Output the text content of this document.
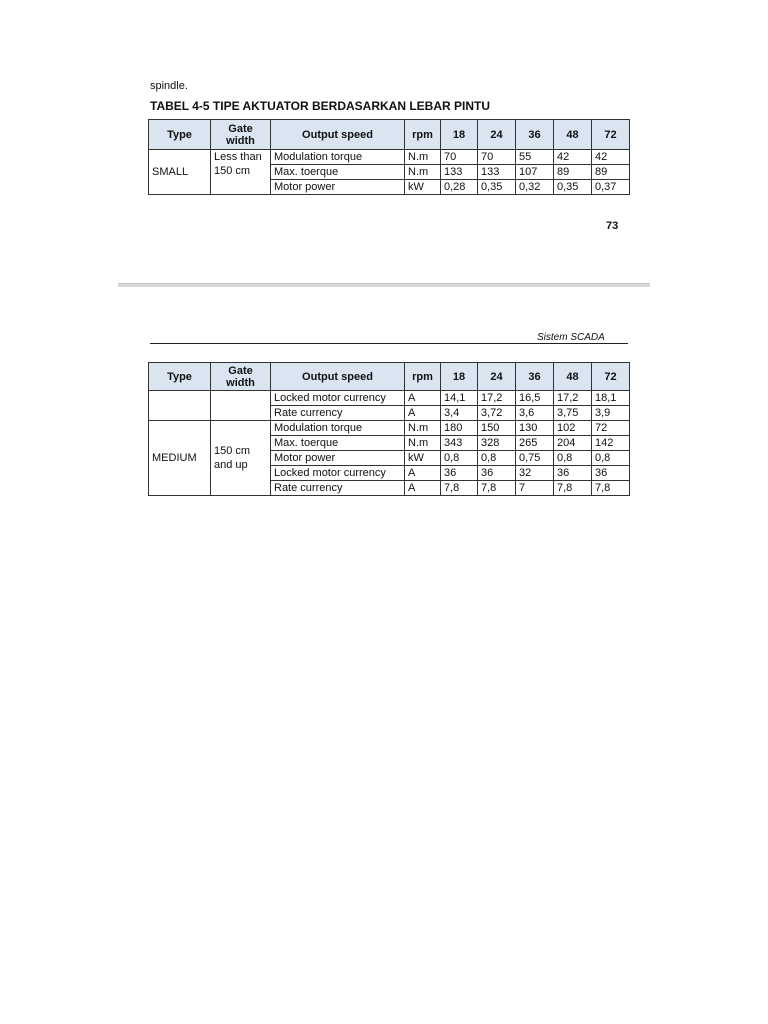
spindle.
TABEL 4-5 TIPE AKTUATOR BERDASARKAN LEBAR PINTU
Type	Gate width	Output speed	rpm	18	24	36	48	72
SMALL	Less than 150 cm	Modulation torque	N.m	70	70	55	42	42
		Max. toerque	N.m	133	133	107	89	89
		Motor power	kW	0,28	0,35	0,32	0,35	0,37
73
Sistem SCADA
Type	Gate width	Output speed	rpm	18	24	36	48	72
		Locked motor currency	A	14,1	17,2	16,5	17,2	18,1
		Rate currency	A	3,4	3,72	3,6	3,75	3,9
MEDIUM	150 cm and up	Modulation torque	N.m	180	150	130	102	72
		Max. toerque	N.m	343	328	265	204	142
		Motor power	kW	0,8	0,8	0,75	0,8	0,8
		Locked motor currency	A	36	36	32	36	36
		Rate currency	A	7,8	7,8	7	7,8	7,8
